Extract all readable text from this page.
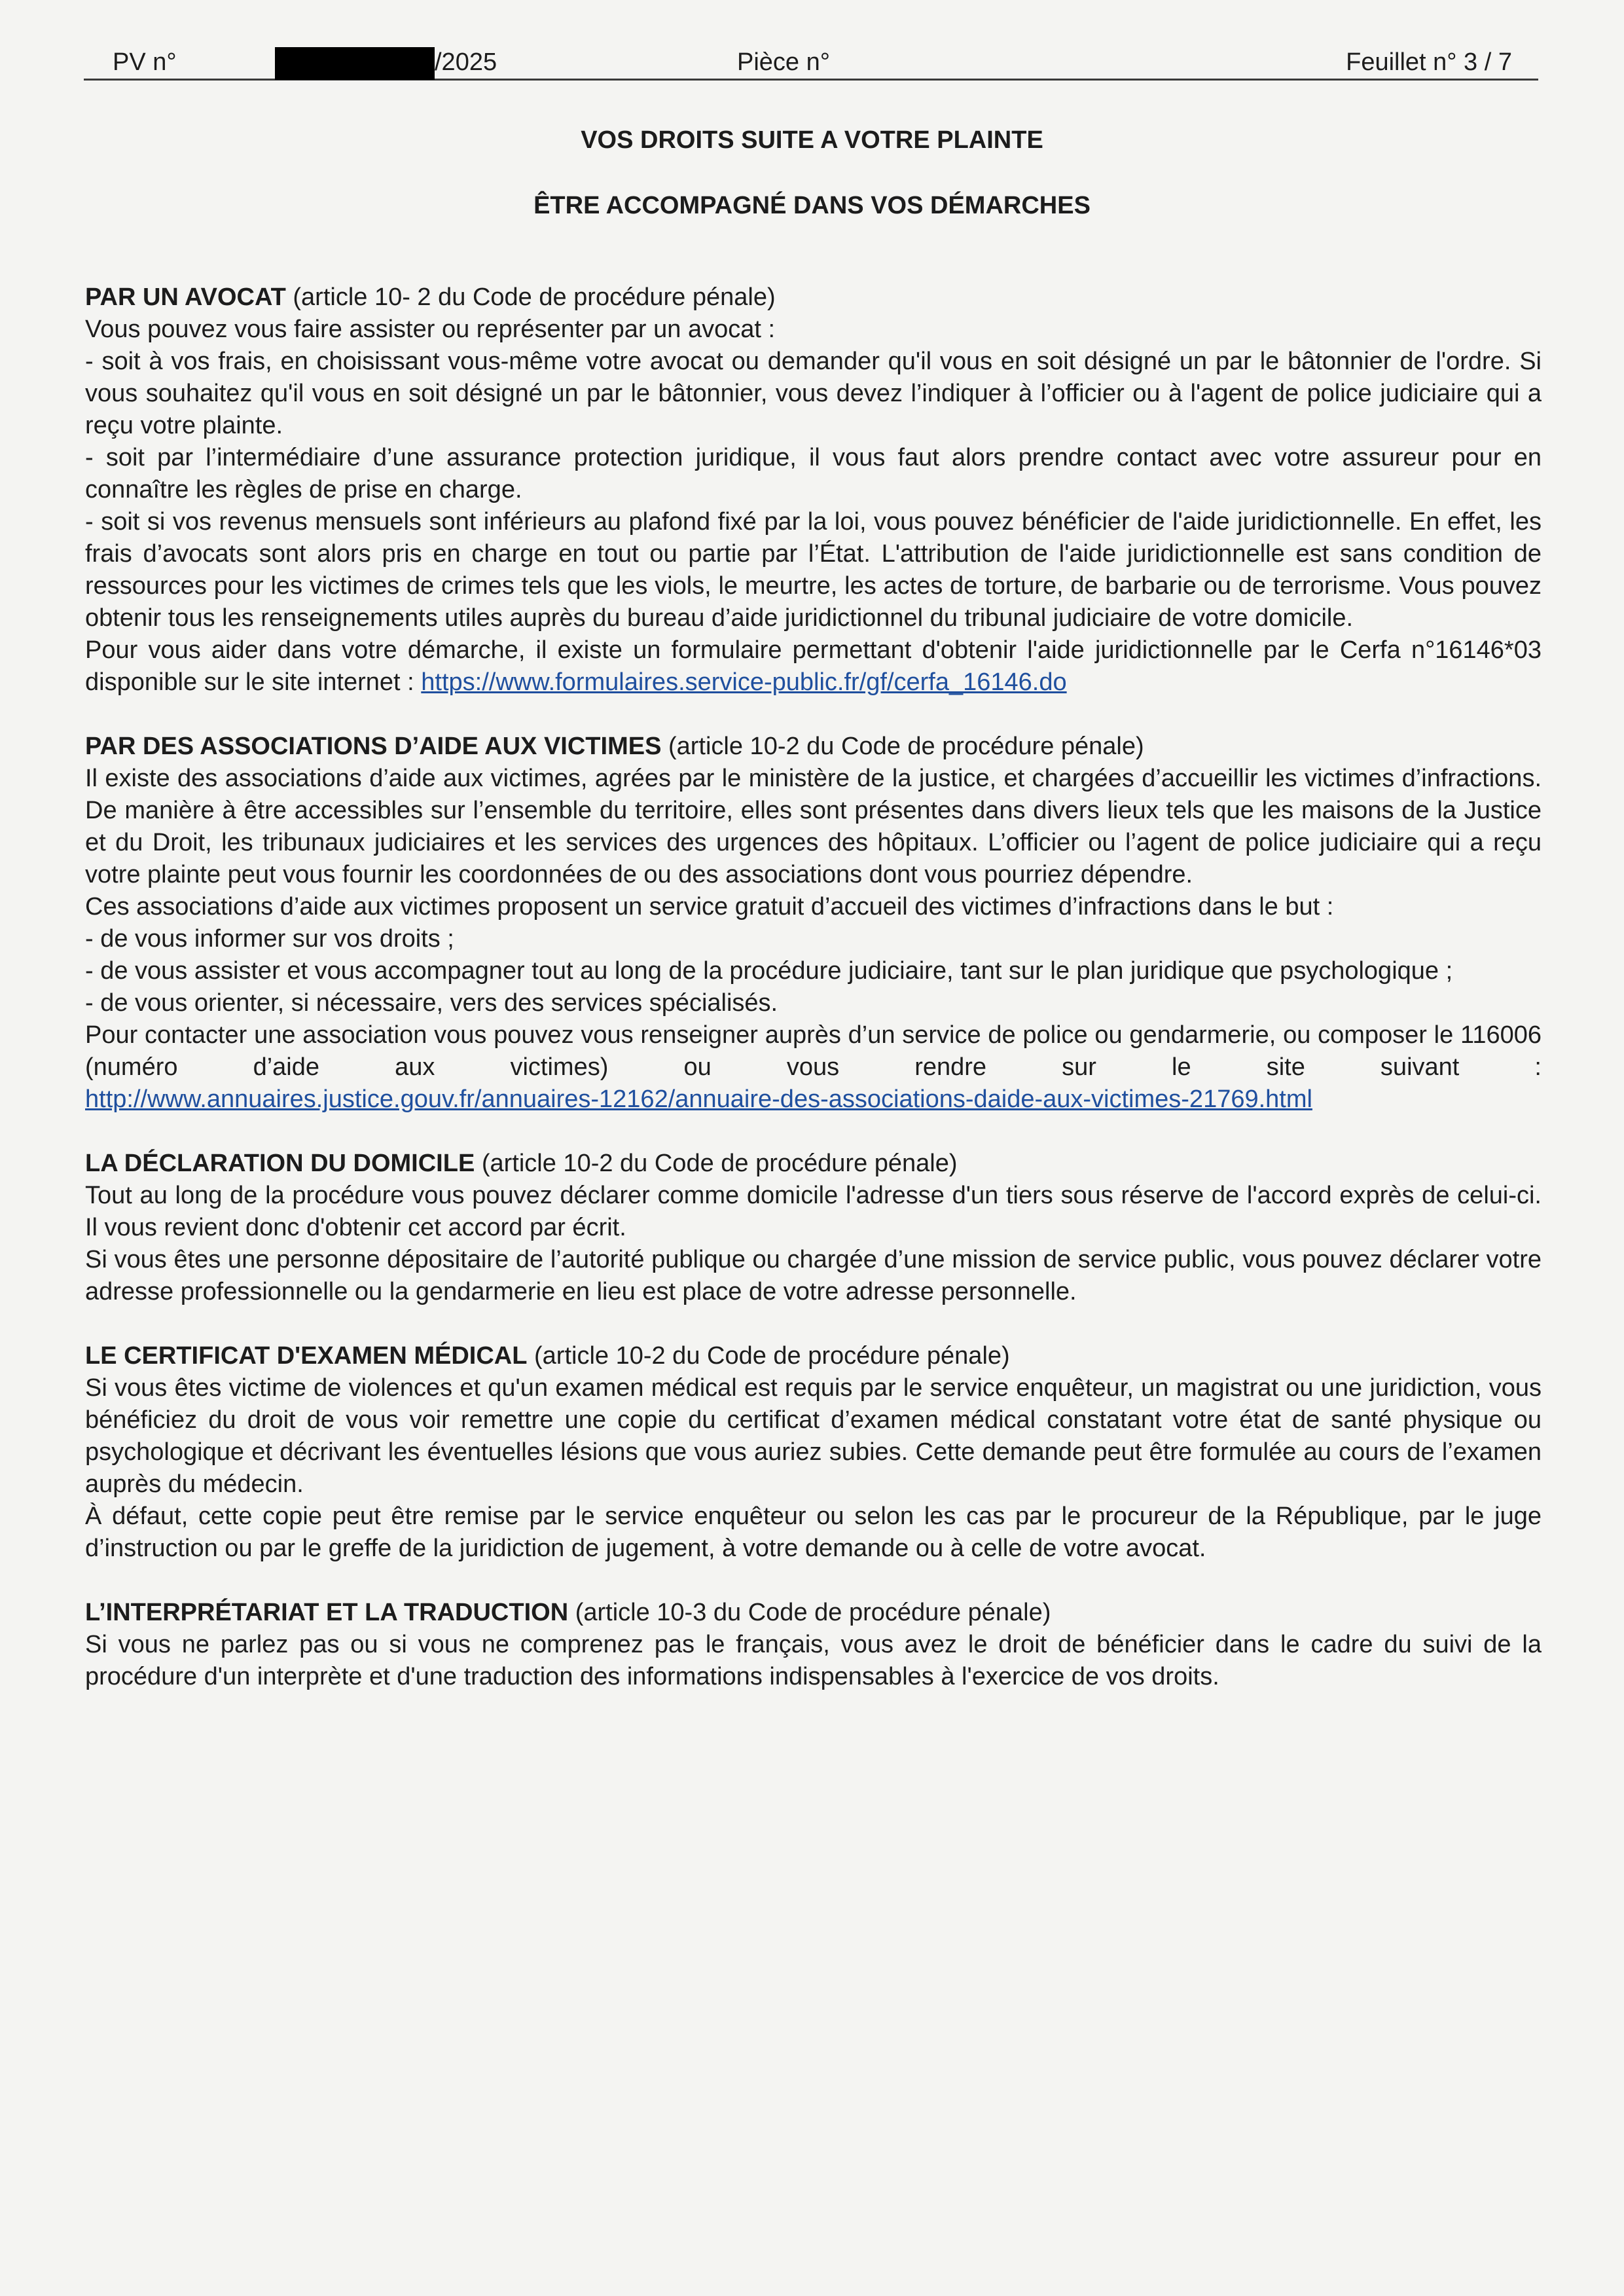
PV n°	/2025	Pièce n°	Feuillet n° 3 / 7
VOS DROITS SUITE A VOTRE PLAINTE
ÊTRE ACCOMPAGNÉ DANS VOS DÉMARCHES

PAR UN AVOCAT (article 10- 2 du Code de procédure pénale)

Vous pouvez vous faire assister ou représenter par un avocat :

- soit à vos frais, en choisissant vous-même votre avocat ou demander qu'il vous en soit désigné un par le bâtonnier de l'ordre. Si vous souhaitez qu'il vous en soit désigné un par le bâtonnier, vous devez l’indiquer à l’officier ou à l'agent de police judiciaire qui a reçu votre plainte.

- soit par l’intermédiaire d’une assurance protection juridique, il vous faut alors prendre contact avec votre assureur pour en connaître les règles de prise en charge.

- soit si vos revenus mensuels sont inférieurs au plafond fixé par la loi, vous pouvez bénéficier de l'aide juridictionnelle. En effet, les frais d’avocats sont alors pris en charge en tout ou partie par l’État. L'attribution de l'aide juridictionnelle est sans condition de ressources pour les victimes de crimes tels que les viols, le meurtre, les actes de torture, de barbarie ou de terrorisme. Vous pouvez obtenir tous les renseignements utiles auprès du bureau d’aide juridictionnel du tribunal judiciaire de votre domicile.

Pour vous aider dans votre démarche, il existe un formulaire permettant d'obtenir l'aide juridictionnelle par le Cerfa n°16146*03 disponible sur le site internet : https://www.formulaires.service-public.fr/gf/cerfa_16146.do

PAR DES ASSOCIATIONS D’AIDE AUX VICTIMES (article 10-2 du Code de procédure pénale)

Il existe des associations d’aide aux victimes, agrées par le ministère de la justice, et chargées d’accueillir les victimes d’infractions. De manière à être accessibles sur l’ensemble du territoire, elles sont présentes dans divers lieux tels que les maisons de la Justice et du Droit, les tribunaux judiciaires et les services des urgences des hôpitaux. L’officier ou l’agent de police judiciaire qui a reçu votre plainte peut vous fournir les coordonnées de ou des associations dont vous pourriez dépendre.

Ces associations d’aide aux victimes proposent un service gratuit d’accueil des victimes d’infractions dans le but :

- de vous informer sur vos droits ;

- de vous assister et vous accompagner tout au long de la procédure judiciaire, tant sur le plan juridique que psychologique ;

- de vous orienter, si nécessaire, vers des services spécialisés.

Pour contacter une association vous pouvez vous renseigner auprès d’un service de police ou gendarmerie, ou composer le 116006 (numéro d’aide aux victimes) ou vous rendre sur le site suivant :

http://www.annuaires.justice.gouv.fr/annuaires-12162/annuaire-des-associations-daide-aux-victimes-21769.html

LA DÉCLARATION DU DOMICILE (article 10-2 du Code de procédure pénale)

Tout au long de la procédure vous pouvez déclarer comme domicile l'adresse d'un tiers sous réserve de l'accord exprès de celui-ci. Il vous revient donc d'obtenir cet accord par écrit.

Si vous êtes une personne dépositaire de l’autorité publique ou chargée d’une mission de service public, vous pouvez déclarer votre adresse professionnelle ou la gendarmerie en lieu est place de votre adresse personnelle.

LE CERTIFICAT D'EXAMEN MÉDICAL (article 10-2 du Code de procédure pénale)

Si vous êtes victime de violences et qu'un examen médical est requis par le service enquêteur, un magistrat ou une juridiction, vous bénéficiez du droit de vous voir remettre une copie du certificat d’examen médical constatant votre état de santé physique ou psychologique et décrivant les éventuelles lésions que vous auriez subies. Cette demande peut être formulée au cours de l’examen auprès du médecin.

À défaut, cette copie peut être remise par le service enquêteur ou selon les cas par le procureur de la République, par le juge d’instruction ou par le greffe de la juridiction de jugement, à votre demande ou à celle de votre avocat.

L’INTERPRÉTARIAT ET LA TRADUCTION (article 10-3 du Code de procédure pénale)

Si vous ne parlez pas ou si vous ne comprenez pas le français, vous avez le droit de bénéficier dans le cadre du suivi de la procédure d'un interprète et d'une traduction des informations indispensables à l'exercice de vos droits.
